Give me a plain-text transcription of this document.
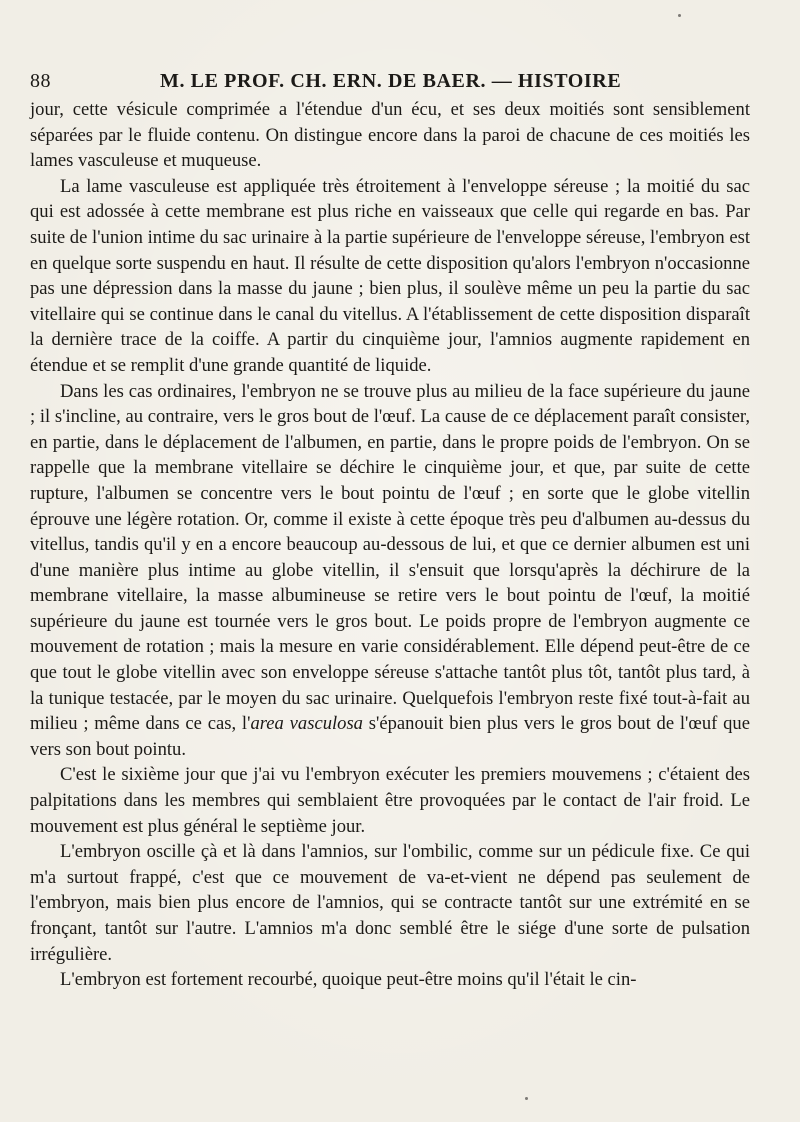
88	M. LE PROF. CH. ERN. DE BAER. — HISTOIRE

jour, cette vésicule comprimée a l'étendue d'un écu, et ses deux moitiés sont sensiblement séparées par le fluide contenu. On distingue encore dans la paroi de chacune de ces moitiés les lames vasculeuse et muqueuse.

La lame vasculeuse est appliquée très étroitement à l'enveloppe séreuse ; la moitié du sac qui est adossée à cette membrane est plus riche en vaisseaux que celle qui regarde en bas. Par suite de l'union intime du sac urinaire à la partie supérieure de l'enveloppe séreuse, l'embryon est en quelque sorte suspendu en haut. Il résulte de cette disposition qu'alors l'embryon n'occasionne pas une dépression dans la masse du jaune ; bien plus, il soulève même un peu la partie du sac vitellaire qui se continue dans le canal du vitellus. A l'établissement de cette disposition disparaît la dernière trace de la coiffe. A partir du cinquième jour, l'amnios augmente rapidement en étendue et se remplit d'une grande quantité de liquide.

Dans les cas ordinaires, l'embryon ne se trouve plus au milieu de la face supérieure du jaune ; il s'incline, au contraire, vers le gros bout de l'œuf. La cause de ce déplacement paraît consister, en partie, dans le déplacement de l'albumen, en partie, dans le propre poids de l'embryon. On se rappelle que la membrane vitellaire se déchire le cinquième jour, et que, par suite de cette rupture, l'albumen se concentre vers le bout pointu de l'œuf ; en sorte que le globe vitellin éprouve une légère rotation. Or, comme il existe à cette époque très peu d'albumen au-dessus du vitellus, tandis qu'il y en a encore beaucoup au-dessous de lui, et que ce dernier albumen est uni d'une manière plus intime au globe vitellin, il s'ensuit que lorsqu'après la déchirure de la membrane vitellaire, la masse albumineuse se retire vers le bout pointu de l'œuf, la moitié supérieure du jaune est tournée vers le gros bout. Le poids propre de l'embryon augmente ce mouvement de rotation ; mais la mesure en varie considérablement. Elle dépend peut-être de ce que tout le globe vitellin avec son enveloppe séreuse s'attache tantôt plus tôt, tantôt plus tard, à la tunique testacée, par le moyen du sac urinaire. Quelquefois l'embryon reste fixé tout-à-fait au milieu ; même dans ce cas, l'area vasculosa s'épanouit bien plus vers le gros bout de l'œuf que vers son bout pointu.

C'est le sixième jour que j'ai vu l'embryon exécuter les premiers mouvemens ; c'étaient des palpitations dans les membres qui semblaient être provoquées par le contact de l'air froid. Le mouvement est plus général le septième jour.

L'embryon oscille çà et là dans l'amnios, sur l'ombilic, comme sur un pédicule fixe. Ce qui m'a surtout frappé, c'est que ce mouvement de va-et-vient ne dépend pas seulement de l'embryon, mais bien plus encore de l'amnios, qui se contracte tantôt sur une extrémité en se fronçant, tantôt sur l'autre. L'amnios m'a donc semblé être le siége d'une sorte de pulsation irrégulière.

L'embryon est fortement recourbé, quoique peut-être moins qu'il l'était le cin-
